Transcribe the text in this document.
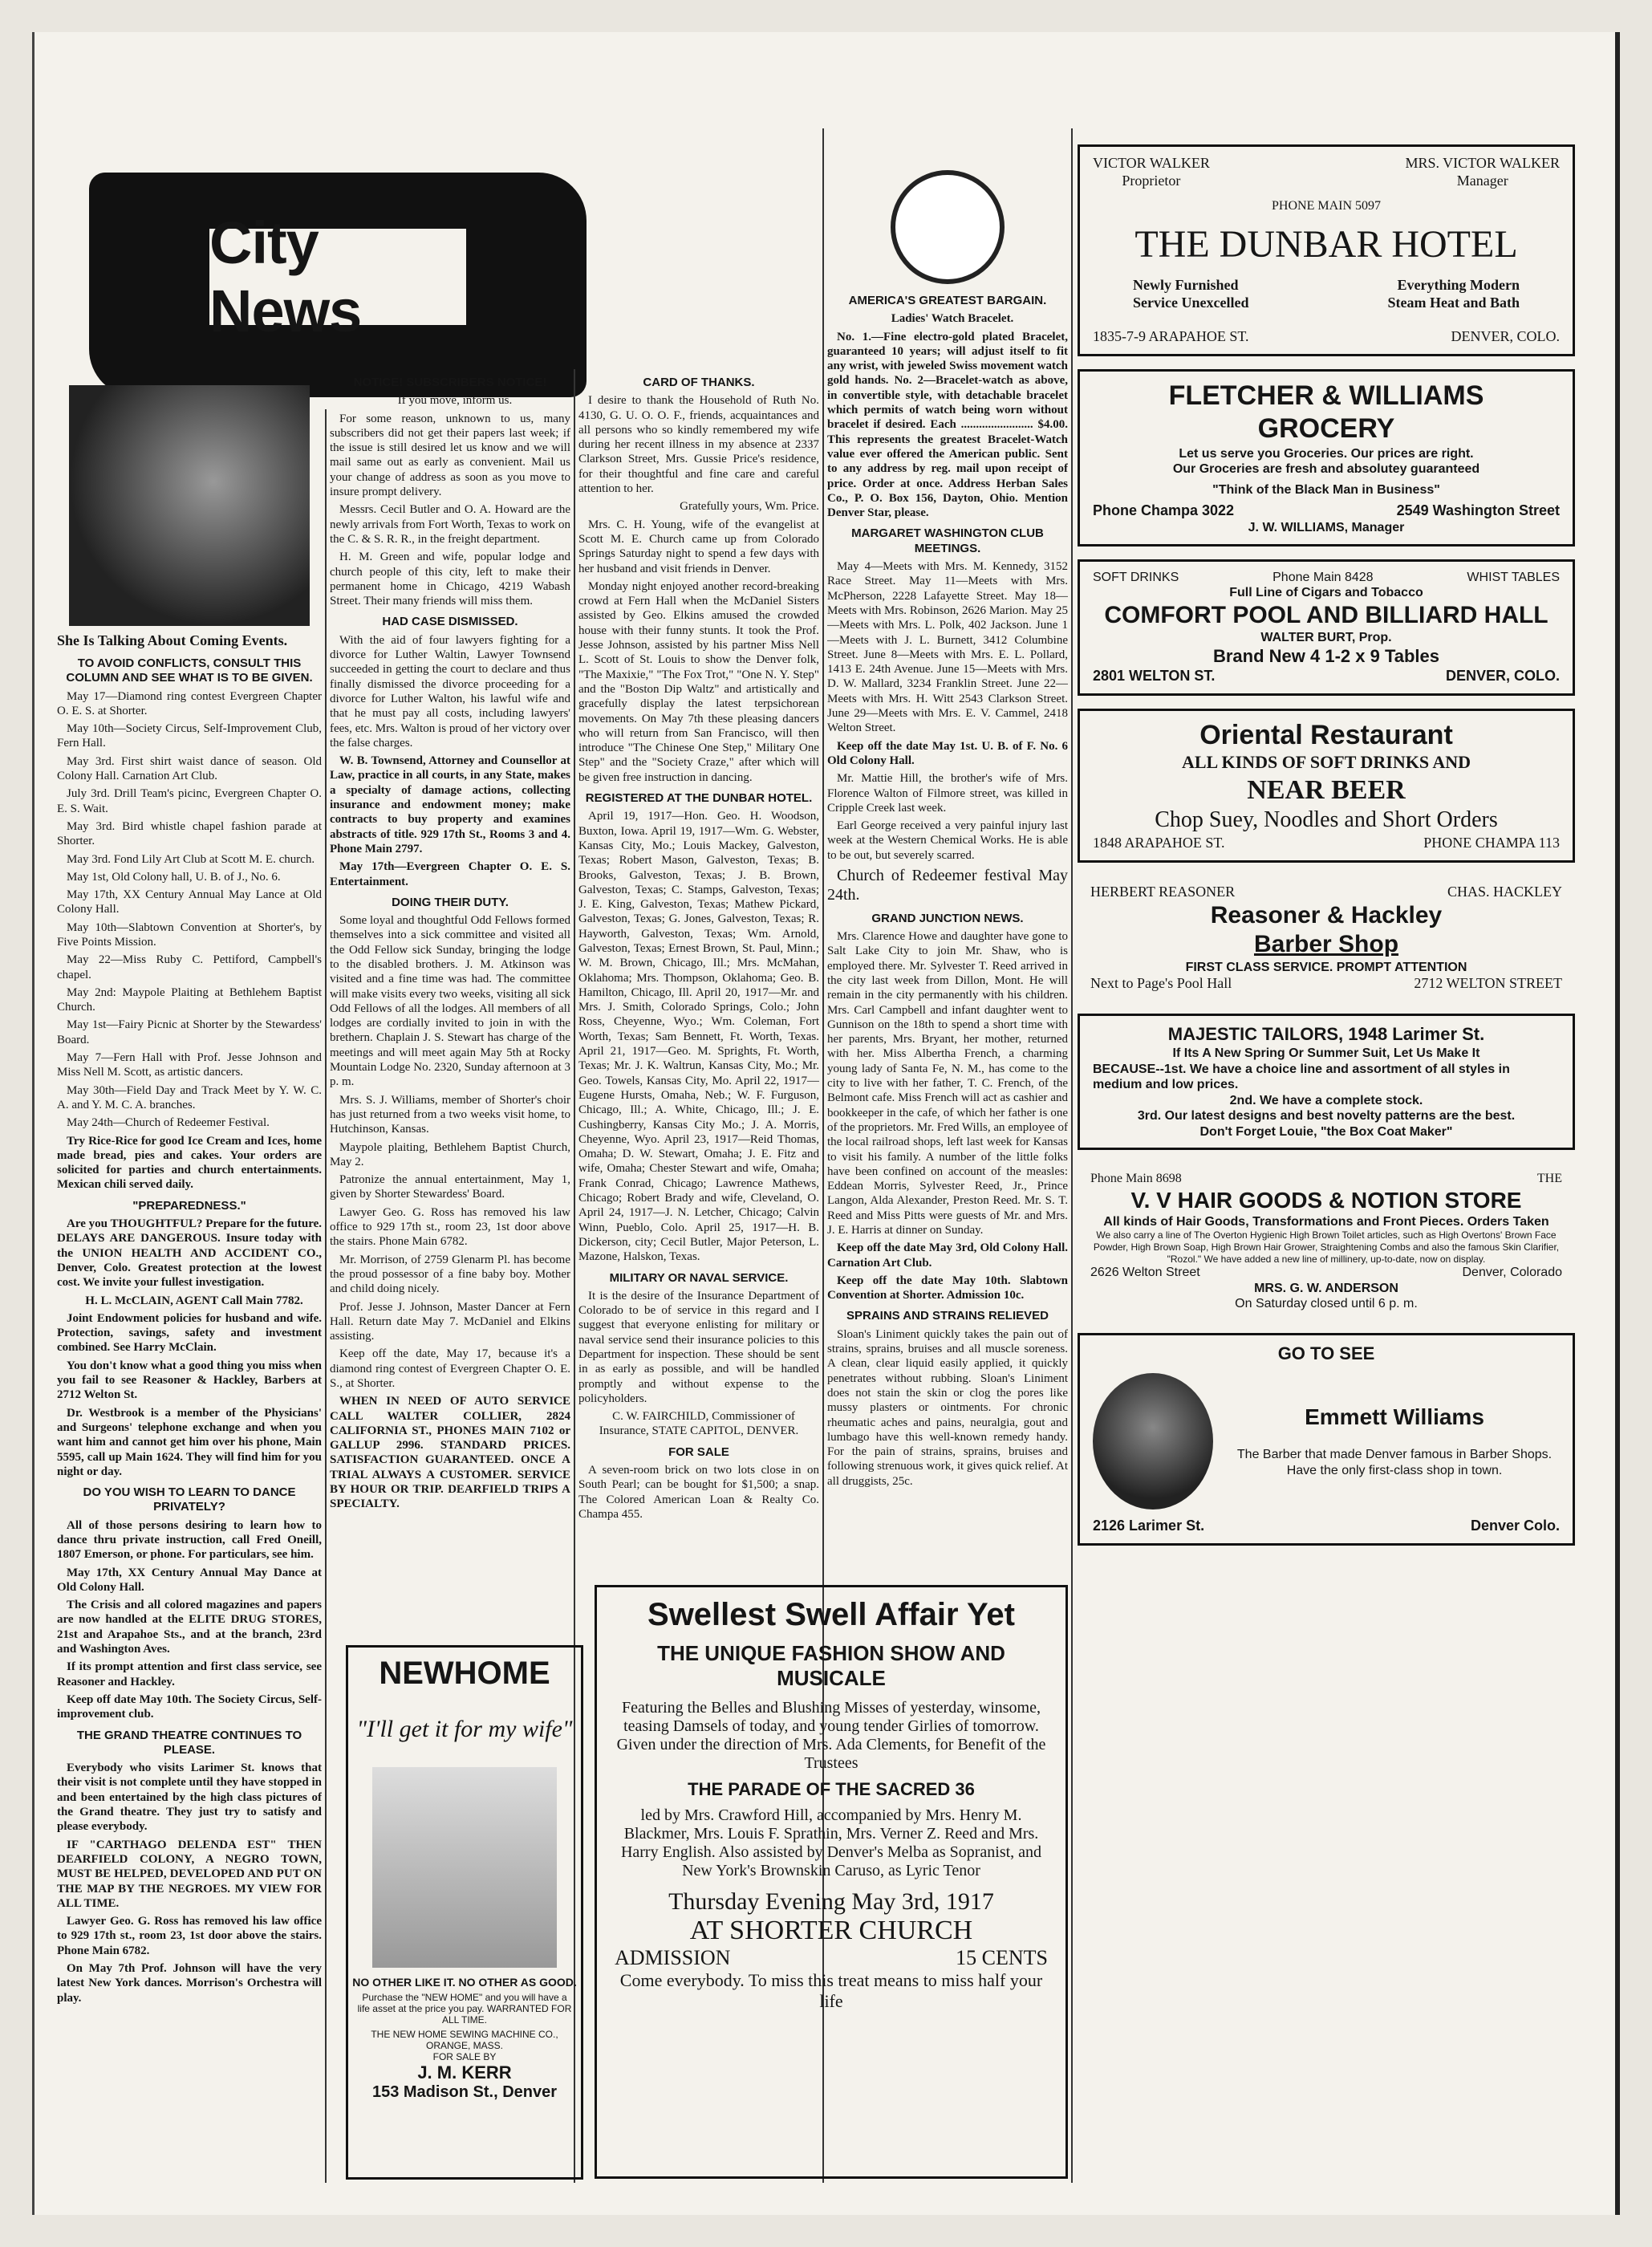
City News
She Is Talking About Coming Events.
TO AVOID CONFLICTS, CONSULT THIS COLUMN AND SEE WHAT IS TO BE GIVEN.

May 17—Diamond ring contest Evergreen Chapter O. E. S. at Shorter.

May 10th—Society Circus, Self-Improvement Club, Fern Hall.

May 3rd. First shirt waist dance of season. Old Colony Hall. Carnation Art Club.

July 3rd. Drill Team's picinc, Evergreen Chapter O. E. S. Wait.

May 3rd. Bird whistle chapel fashion parade at Shorter.

May 3rd. Fond Lily Art Club at Scott M. E. church.

May 1st, Old Colony hall, U. B. of J., No. 6.

May 17th, XX Century Annual May Lance at Old Colony Hall.

May 10th—Slabtown Convention at Shorter's, by Five Points Mission.

May 22—Miss Ruby C. Pettiford, Campbell's chapel.

May 2nd: Maypole Plaiting at Bethlehem Baptist Church.

May 1st—Fairy Picnic at Shorter by the Stewardess' Board.

May 7—Fern Hall with Prof. Jesse Johnson and Miss Nell M. Scott, as artistic dancers.

May 30th—Field Day and Track Meet by Y. W. C. A. and Y. M. C. A. branches.

May 24th—Church of Redeemer Festival.

Try Rice-Rice for good Ice Cream and Ices, home made bread, pies and cakes. Your orders are solicited for parties and church entertainments. Mexican chili served daily.

"PREPAREDNESS."

Are you THOUGHTFUL? Prepare for the future. DELAYS ARE DANGEROUS. Insure today with the UNION HEALTH AND ACCIDENT CO., Denver, Colo. Greatest protection at the lowest cost. We invite your fullest investigation.

H. L. McCLAIN, AGENT Call Main 7782.

Joint Endowment policies for husband and wife. Protection, savings, safety and investment combined. See Harry McClain.

You don't know what a good thing you miss when you fail to see Reasoner & Hackley, Barbers at 2712 Welton St.

Dr. Westbrook is a member of the Physicians' and Surgeons' telephone exchange and when you want him and cannot get him over his phone, Main 5595, call up Main 1624. They will find him for you night or day.

DO YOU WISH TO LEARN TO DANCE PRIVATELY?

All of those persons desiring to learn how to dance thru private instruction, call Fred Oneill, 1807 Emerson, or phone. For particulars, see him.

May 17th, XX Century Annual May Dance at Old Colony Hall.

The Crisis and all colored magazines and papers are now handled at the ELITE DRUG STORES, 21st and Arapahoe Sts., and at the branch, 23rd and Washington Aves.

If its prompt attention and first class service, see Reasoner and Hackley.

Keep off date May 10th. The Society Circus, Self-improvement club.

THE GRAND THEATRE CONTINUES TO PLEASE.

Everybody who visits Larimer St. knows that their visit is not complete until they have stopped in and been entertained by the high class pictures of the Grand theatre. They just try to satisfy and please everybody.

IF "CARTHAGO DELENDA EST" THEN DEARFIELD COLONY, A NEGRO TOWN, MUST BE HELPED, DEVELOPED AND PUT ON THE MAP BY THE NEGROES. MY VIEW FOR ALL TIME.

Lawyer Geo. G. Ross has removed his law office to 929 17th st., room 23, 1st door above the stairs. Phone Main 6782.

On May 7th Prof. Johnson will have the very latest New York dances. Morrison's Orchestra will play.

NOTICE! SUBSCRIBERS NOTICE!

If you move, inform us.

For some reason, unknown to us, many subscribers did not get their papers last week; if the issue is still desired let us know and we will mail same out as early as convenient. Mail us your change of address as soon as you move to insure prompt delivery.

Messrs. Cecil Butler and O. A. Howard are the newly arrivals from Fort Worth, Texas to work on the C. & S. R. R., in the freight department.

H. M. Green and wife, popular lodge and church people of this city, left to make their permanent home in Chicago, 4219 Wabash Street. Their many friends will miss them.

HAD CASE DISMISSED.

With the aid of four lawyers fighting for a divorce for Luther Waltin, Lawyer Townsend succeeded in getting the court to declare and thus finally dismissed the divorce proceeding for a divorce for Luther Walton, his lawful wife and that he must pay all costs, including lawyers' fees, etc. Mrs. Walton is proud of her victory over the false charges.

W. B. Townsend, Attorney and Counsellor at Law, practice in all courts, in any State, makes a specialty of damage actions, collecting insurance and endowment money; make contracts to buy property and examines abstracts of title. 929 17th St., Rooms 3 and 4. Phone Main 2797.

May 17th—Evergreen Chapter O. E. S. Entertainment.

DOING THEIR DUTY.

Some loyal and thoughtful Odd Fellows formed themselves into a sick committee and visited all the Odd Fellow sick Sunday, bringing the lodge to the disabled brothers. J. M. Atkinson was visited and a fine time was had. The committee will make visits every two weeks, visiting all sick Odd Fellows of all the lodges. All members of all lodges are cordially invited to join in with the brethern. Chaplain J. S. Stewart has charge of the meetings and will meet again May 5th at Rocky Mountain Lodge No. 2320, Sunday afternoon at 3 p. m.

Mrs. S. J. Williams, member of Shorter's choir has just returned from a two weeks visit home, to Hutchinson, Kansas.

Maypole plaiting, Bethlehem Baptist Church, May 2.

Patronize the annual entertainment, May 1, given by Shorter Stewardess' Board.

Lawyer Geo. G. Ross has removed his law office to 929 17th st., room 23, 1st door above the stairs. Phone Main 6782.

Mr. Morrison, of 2759 Glenarm Pl. has become the proud possessor of a fine baby boy. Mother and child doing nicely.

Prof. Jesse J. Johnson, Master Dancer at Fern Hall. Return date May 7. McDaniel and Elkins assisting.

Keep off the date, May 17, because it's a diamond ring contest of Evergreen Chapter O. E. S., at Shorter.

WHEN IN NEED OF AUTO SERVICE CALL WALTER COLLIER, 2824 CALIFORNIA ST., PHONES MAIN 7102 or GALLUP 2996. STANDARD PRICES. SATISFACTION GUARANTEED. ONCE A TRIAL ALWAYS A CUSTOMER. SERVICE BY HOUR OR TRIP. DEARFIELD TRIPS A SPECIALTY.

NEWHOME
"I'll get it for my wife"
NO OTHER LIKE IT. NO OTHER AS GOOD.
Purchase the "NEW HOME" and you will have a life asset at the price you pay. WARRANTED FOR ALL TIME.
THE NEW HOME SEWING MACHINE CO., ORANGE, MASS.
FOR SALE BY
J. M. KERR
153 Madison St., Denver
CARD OF THANKS.

I desire to thank the Household of Ruth No. 4130, G. U. O. O. F., friends, acquaintances and all persons who so kindly remembered my wife during her recent illness in my absence at 2337 Clarkson Street, Mrs. Gussie Price's residence, for their thoughtful and fine care and careful attention to her.

Gratefully yours, Wm. Price.

Mrs. C. H. Young, wife of the evangelist at Scott M. E. Church came up from Colorado Springs Saturday night to spend a few days with her husband and visit friends in Denver.

Monday night enjoyed another record-breaking crowd at Fern Hall when the McDaniel Sisters assisted by Geo. Elkins amused the crowded house with their funny stunts. It took the Prof. Jesse Johnson, assisted by his partner Miss Nell L. Scott of St. Louis to show the Denver folk, "The Maxixie," "The Fox Trot," "One N. Y. Step" and the "Boston Dip Waltz" and artistically and gracefully display the latest terpsichorean movements. On May 7th these pleasing dancers who will return from San Francisco, will then introduce "The Chinese One Step," Military One Step" and the "Society Craze," after which will be given free instruction in dancing.

REGISTERED AT THE DUNBAR HOTEL.

April 19, 1917—Hon. Geo. H. Woodson, Buxton, Iowa. April 19, 1917—Wm. G. Webster, Kansas City, Mo.; Louis Mackey, Galveston, Texas; Robert Mason, Galveston, Texas; B. Brooks, Galveston, Texas; J. B. Brown, Galveston, Texas; C. Stamps, Galveston, Texas; J. E. King, Galveston, Texas; Mathew Pickard, Galveston, Texas; G. Jones, Galveston, Texas; R. Hayworth, Galveston, Texas; Wm. Arnold, Galveston, Texas; Ernest Brown, St. Paul, Minn.; W. M. Brown, Chicago, Ill.; Mrs. McMahan, Oklahoma; Mrs. Thompson, Oklahoma; Geo. B. Hamilton, Chicago, Ill. April 20, 1917—Mr. and Mrs. J. Smith, Colorado Springs, Colo.; John Ross, Cheyenne, Wyo.; Wm. Coleman, Fort Worth, Texas; Sam Bennett, Ft. Worth, Texas. April 21, 1917—Geo. M. Sprights, Ft. Worth, Texas; Mr. J. K. Waltrun, Kansas City, Mo.; Mr. Geo. Towels, Kansas City, Mo. April 22, 1917—Eugene Hursts, Omaha, Neb.; W. F. Furguson, Chicago, Ill.; A. White, Chicago, Ill.; J. E. Cushingberry, Kansas City Mo.; J. A. Morris, Cheyenne, Wyo. April 23, 1917—Reid Thomas, Omaha; D. W. Stewart, Omaha; J. E. Fitz and wife, Omaha; Chester Stewart and wife, Omaha; Frank Conrad, Chicago; Lawrence Mathews, Chicago; Robert Brady and wife, Cleveland, O. April 24, 1917—J. N. Letcher, Chicago; Calvin Winn, Pueblo, Colo. April 25, 1917—H. B. Dickerson, city; Cecil Butler, Major Peterson, L. Mazone, Halskon, Texas.

MILITARY OR NAVAL SERVICE.

It is the desire of the Insurance Department of Colorado to be of service in this regard and I suggest that everyone enlisting for military or naval service send their insurance policies to this Department for inspection. These should be sent in as early as possible, and will be handled promptly and without expense to the policyholders.

C. W. FAIRCHILD, Commissioner of Insurance, STATE CAPITOL, DENVER.

FOR SALE

A seven-room brick on two lots close in on South Pearl; can be bought for $1,500; a snap. The Colored American Loan & Realty Co. Champa 455.

AMERICA'S GREATEST BARGAIN.

Ladies' Watch Bracelet.

No. 1.—Fine electro-gold plated Bracelet, guaranteed 10 years; will adjust itself to fit any wrist, with jeweled Swiss movement watch gold hands. No. 2—Bracelet-watch as above, in convertible style, with detachable bracelet which permits of watch being worn without bracelet if desired. Each ........................ $4.00. This represents the greatest Bracelet-Watch value ever offered the American public. Sent to any address by reg. mail upon receipt of price. Order at once. Address Herban Sales Co., P. O. Box 156, Dayton, Ohio. Mention Denver Star, please.

MARGARET WASHINGTON CLUB MEETINGS.

May 4—Meets with Mrs. M. Kennedy, 3152 Race Street. May 11—Meets with Mrs. McPherson, 2228 Lafayette Street. May 18—Meets with Mrs. Robinson, 2626 Marion. May 25—Meets with Mrs. L. Polk, 402 Jackson. June 1—Meets with J. L. Burnett, 3412 Columbine Street. June 8—Meets with Mrs. E. L. Pollard, 1413 E. 24th Avenue. June 15—Meets with Mrs. D. W. Mallard, 3234 Franklin Street. June 22—Meets with Mrs. H. Witt 2543 Clarkson Street. June 29—Meets with Mrs. E. V. Cammel, 2418 Welton Street.

Keep off the date May 1st. U. B. of F. No. 6 Old Colony Hall.

Mr. Mattie Hill, the brother's wife of Mrs. Florence Walton of Filmore street, was killed in Cripple Creek last week.

Earl George received a very painful injury last week at the Western Chemical Works. He is able to be out, but severely scarred.

Church of Redeemer festival May 24th.

GRAND JUNCTION NEWS.

Mrs. Clarence Howe and daughter have gone to Salt Lake City to join Mr. Shaw, who is employed there. Mr. Sylvester T. Reed arrived in the city last week from Dillon, Mont. He will remain in the city permanently with his children. Mrs. Carl Campbell and infant daughter went to Gunnison on the 18th to spend a short time with her parents, Mrs. Bryant, her mother, returned with her. Miss Albertha French, a charming young lady of Santa Fe, N. M., has come to the city to live with her father, T. C. French, of the Belmont cafe. Miss French will act as cashier and bookkeeper in the cafe, of which her father is one of the proprietors. Mr. Fred Wills, an employee of the local railroad shops, left last week for Kansas to visit his family. A number of the little folks have been confined on account of the measles: Eddean Morris, Sylvester Reed, Jr., Prince Langon, Alda Alexander, Preston Reed. Mr. S. T. Reed and Miss Pitts were guests of Mr. and Mrs. J. E. Harris at dinner on Sunday.

Keep off the date May 3rd, Old Colony Hall. Carnation Art Club.

Keep off the date May 10th. Slabtown Convention at Shorter. Admission 10c.

SPRAINS AND STRAINS RELIEVED

Sloan's Liniment quickly takes the pain out of strains, sprains, bruises and all muscle soreness. A clean, clear liquid easily applied, it quickly penetrates without rubbing. Sloan's Liniment does not stain the skin or clog the pores like mussy plasters or ointments. For chronic rheumatic aches and pains, neuralgia, gout and lumbago have this well-known remedy handy. For the pain of strains, sprains, bruises and following strenuous work, it gives quick relief. At all druggists, 25c.

Swellest Swell Affair Yet
THE UNIQUE FASHION SHOW AND MUSICALE
Featuring the Belles and Blushing Misses of yesterday, winsome, teasing Damsels of today, and young tender Girlies of tomorrow. Given under the direction of Mrs. Ada Clements, for Benefit of the Trustees
THE PARADE OF THE SACRED 36
led by Mrs. Crawford Hill, accompanied by Mrs. Henry M. Blackmer, Mrs. Louis F. Sprathin, Mrs. Verner Z. Reed and Mrs. Harry English. Also assisted by Denver's Melba as Sopranist, and New York's Brownskin Caruso, as Lyric Tenor
Thursday Evening May 3rd, 1917
AT SHORTER CHURCH
ADMISSION	15 CENTS
Come everybody. To miss this treat means to miss half your life
VICTOR WALKER
Proprietor
MRS. VICTOR WALKER
Manager
PHONE MAIN 5097
THE DUNBAR HOTEL
Newly Furnished	Everything Modern
Service Unexcelled	Steam Heat and Bath
1835-7-9 ARAPAHOE ST.	DENVER, COLO.
FLETCHER & WILLIAMS
GROCERY
Let us serve you Groceries. Our prices are right.
Our Groceries are fresh and absolutey guaranteed
"Think of the Black Man in Business"
Phone Champa 3022	2549 Washington Street
J. W. WILLIAMS, Manager
SOFT DRINKS	Phone Main 8428	WHIST TABLES
Full Line of Cigars and Tobacco
COMFORT POOL AND BILLIARD HALL
WALTER BURT, Prop.
Brand New 4 1-2 x 9 Tables
2801 WELTON ST.	DENVER, COLO.
Oriental Restaurant
ALL KINDS OF SOFT DRINKS AND
NEAR BEER
Chop Suey, Noodles and Short Orders
1848 ARAPAHOE ST.	PHONE CHAMPA 113
HERBERT REASONER	CHAS. HACKLEY
Reasoner & Hackley
Barber Shop
FIRST CLASS SERVICE. PROMPT ATTENTION
Next to Page's Pool Hall	2712 WELTON STREET
MAJESTIC TAILORS, 1948 Larimer St.
If Its A New Spring Or Summer Suit, Let Us Make It
BECAUSE--1st. We have a choice line and assortment of all styles in medium and low prices.
2nd. We have a complete stock.
3rd. Our latest designs and best novelty patterns are the best.
Don't Forget Louie, "the Box Coat Maker"
Phone Main 8698	THE
V. V HAIR GOODS & NOTION STORE
All kinds of Hair Goods, Transformations and Front Pieces. Orders Taken
We also carry a line of The Overton Hygienic High Brown Toilet articles, such as High Overtons' Brown Face Powder, High Brown Soap, High Brown Hair Grower, Straightening Combs and also the famous Skin Clarifier, "Rozol." We have added a new line of millinery, up-to-date, now on display.
2626 Welton Street	Denver, Colorado
MRS. G. W. ANDERSON
On Saturday closed until 6 p. m.
GO TO SEE
Emmett Williams
The Barber that made Denver famous in Barber Shops. Have the only first-class shop in town.
2126 Larimer St.	Denver Colo.
